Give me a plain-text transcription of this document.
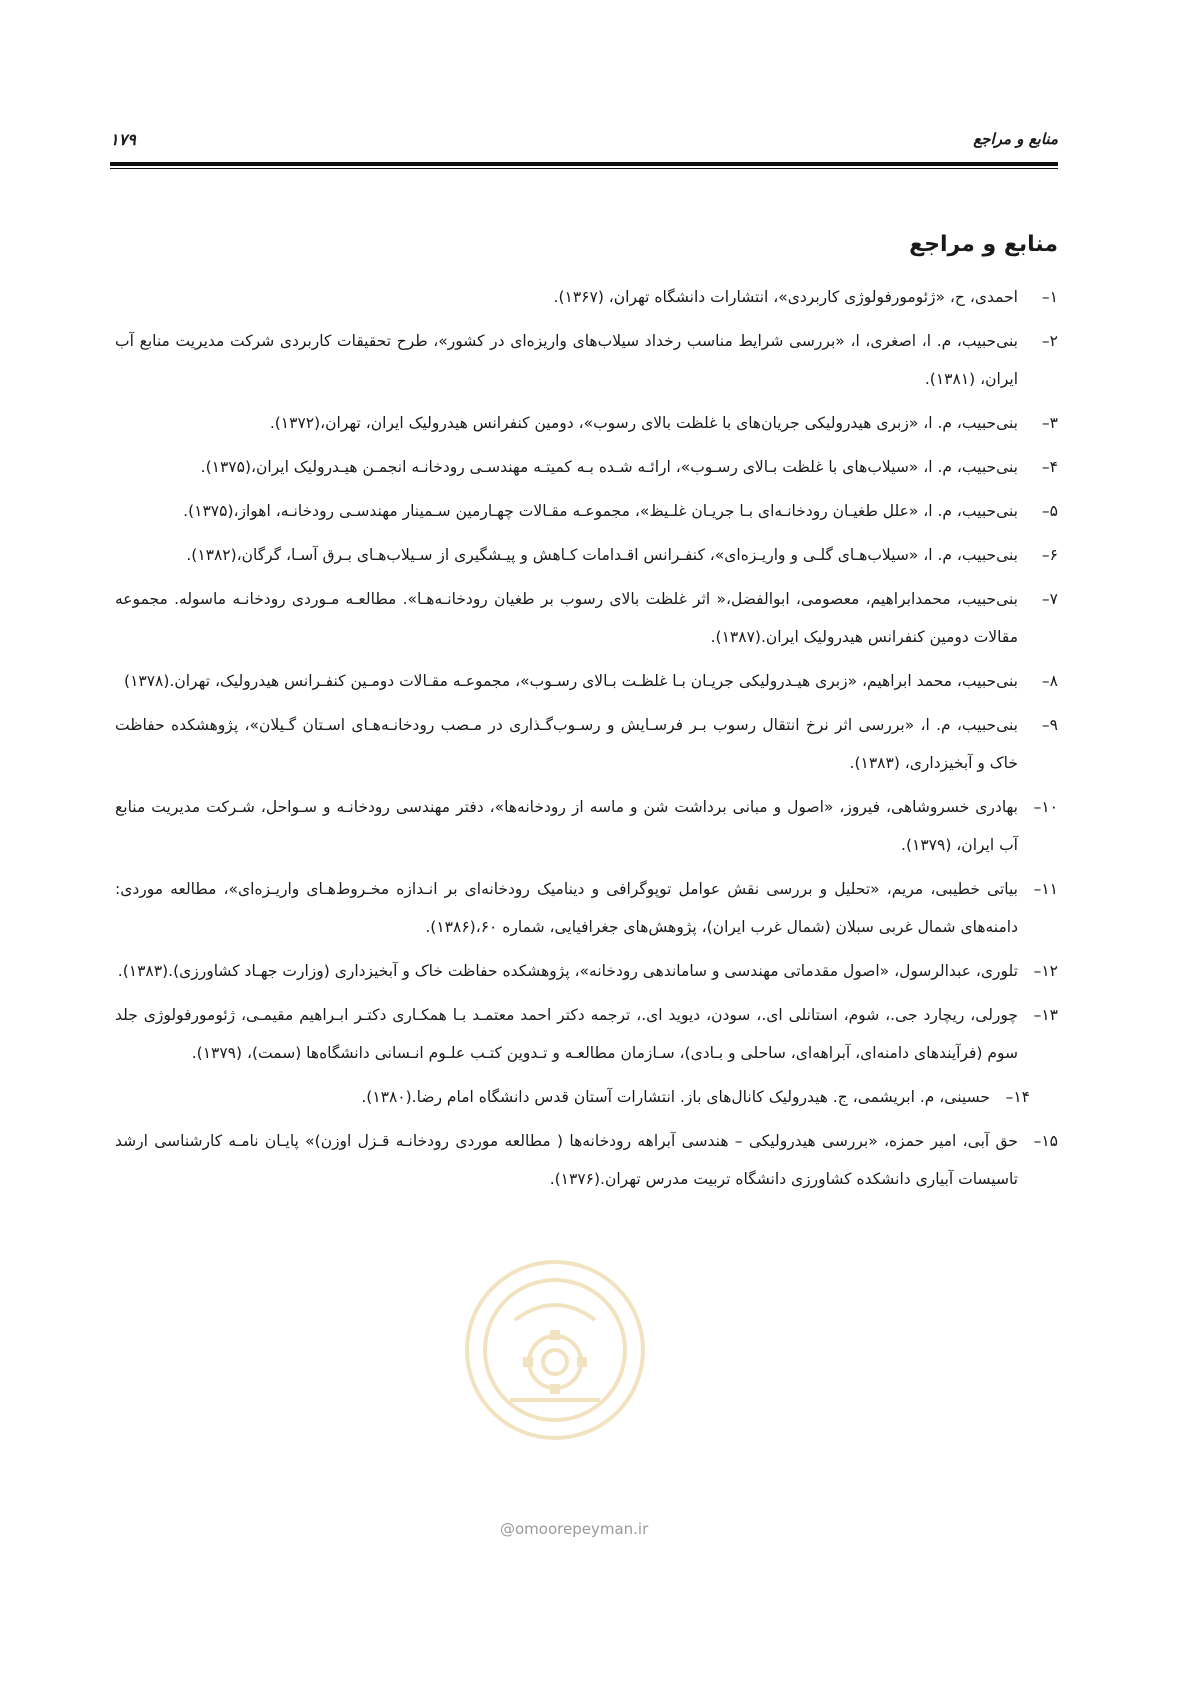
منابع و مراجع
۱۷۹
منابع و مراجع
۱–
احمدی، ح، «ژئومورفولوژی کاربردی»، انتشارات دانشگاه تهران، (۱۳۶۷).
۲–
بنی‌حبیب، م. ا، اصغری، ا، «بررسی شرایط مناسب رخداد سیلاب‌های واریزه‌ای در کشور»، طرح تحقیقات کاربردی شرکت مدیریت منابع آب ایران، (۱۳۸۱).
۳–
بنی‌حبیب، م. ا، «زبری هیدرولیکی جریان‌های با غلظت بالای رسوب»، دومین کنفرانس هیدرولیک ایران، تهران،(۱۳۷۲).
۴–
بنی‌حبیب، م. ا، «سیلاب‌های با غلظت بـالای رسـوب»، ارائـه شـده بـه کمیتـه مهندسـی رودخانـه انجمـن هیـدرولیک ایران،(۱۳۷۵).
۵–
بنی‌حبیب، م. ا، «علل طغیـان رودخانـه‌ای بـا جریـان غلـیظ»، مجموعـه مقـالات چهـارمین سـمینار مهندسـی رودخانـه، اهواز،(۱۳۷۵).
۶–
بنی‌حبیب، م. ا، «سیلاب‌هـای گلـی و واریـزه‌ای»، کنفـرانس اقـدامات کـاهش و پیـشگیری از سـیلاب‌هـای بـرق آسـا، گرگان،(۱۳۸۲).
۷–
بنی‌حبیب، محمدابراهیم، معصومی، ابوالفضل،« اثر غلظت بالای رسوب بر طغیان رودخانـه‌هـا». مطالعـه مـوردی رودخانـه ماسوله. مجموعه مقالات دومین کنفرانس هیدرولیک ایران.(۱۳۸۷).
۸–
بنی‌حبیب، محمد ابراهیم، «زبری هیـدرولیکی جریـان بـا غلظـت بـالای رسـوب»، مجموعـه مقـالات دومـین کنفـرانس هیدرولیک، تهران.(۱۳۷۸)
۹–
بنی‌حبیب، م. ا، «بررسی اثر نرخ انتقال رسوب بـر فرسـایش و رسـوب‌گـذاری در مـصب رودخانـه‌هـای اسـتان گـیلان»، پژوهشکده حفاظت خاک و آبخیزداری، (۱۳۸۳).
۱۰–
بهادری خسروشاهی، فیروز، «اصول و مبانی برداشت شن و ماسه از رودخانه‌ها»، دفتر مهندسی رودخانـه و سـواحل، شـرکت مدیریت منابع آب ایران، (۱۳۷۹).
۱۱–
بیاتی خطیبی، مریم، «تحلیل و بررسی نقش عوامل توپوگرافی و دینامیک رودخانه‌ای بر انـدازه مخـروط‌هـای واریـزه‌ای»، مطالعه موردی: دامنه‌های شمال غربی سبلان (شمال غرب ایران)، پژوهش‌های جغرافیایی، شماره ۶۰،(۱۳۸۶).
۱۲–
تلوری، عبدالرسول، «اصول مقدماتی مهندسی و ساماندهی رودخانه»، پژوهشکده حفاظت خاک و آبخیزداری (وزارت جهـاد کشاورزی).(۱۳۸۳).
۱۳–
چورلی، ریچارد جی.، شوم، استانلی ای.، سودن، دیوید ای.، ترجمه دکتر احمد معتمـد بـا همکـاری دکتـر ابـراهیم مقیمـی، ژئومورفولوژی جلد سوم (فرآیندهای دامنه‌ای، آبراهه‌ای، ساحلی و بـادی)، سـازمان مطالعـه و تـدوین کتـب علـوم انـسانی دانشگاه‌ها (سمت)، (۱۳۷۹).
۱۴–
حسینی، م. ابریشمی، ج. هیدرولیک کانال‌های باز. انتشارات آستان قدس دانشگاه امام رضا.(۱۳۸۰).
۱۵–
حق آبی، امیر حمزه، «بررسی هیدرولیکی – هندسی آبراهه رودخانه‌ها ( مطالعه موردی رودخانـه قـزل اوزن)» پایـان نامـه کارشناسی ارشد تاسیسات آبیاری دانشکده کشاورزی دانشگاه تربیت مدرس تهران.(۱۳۷۶).
@omoorepeyman.ir
